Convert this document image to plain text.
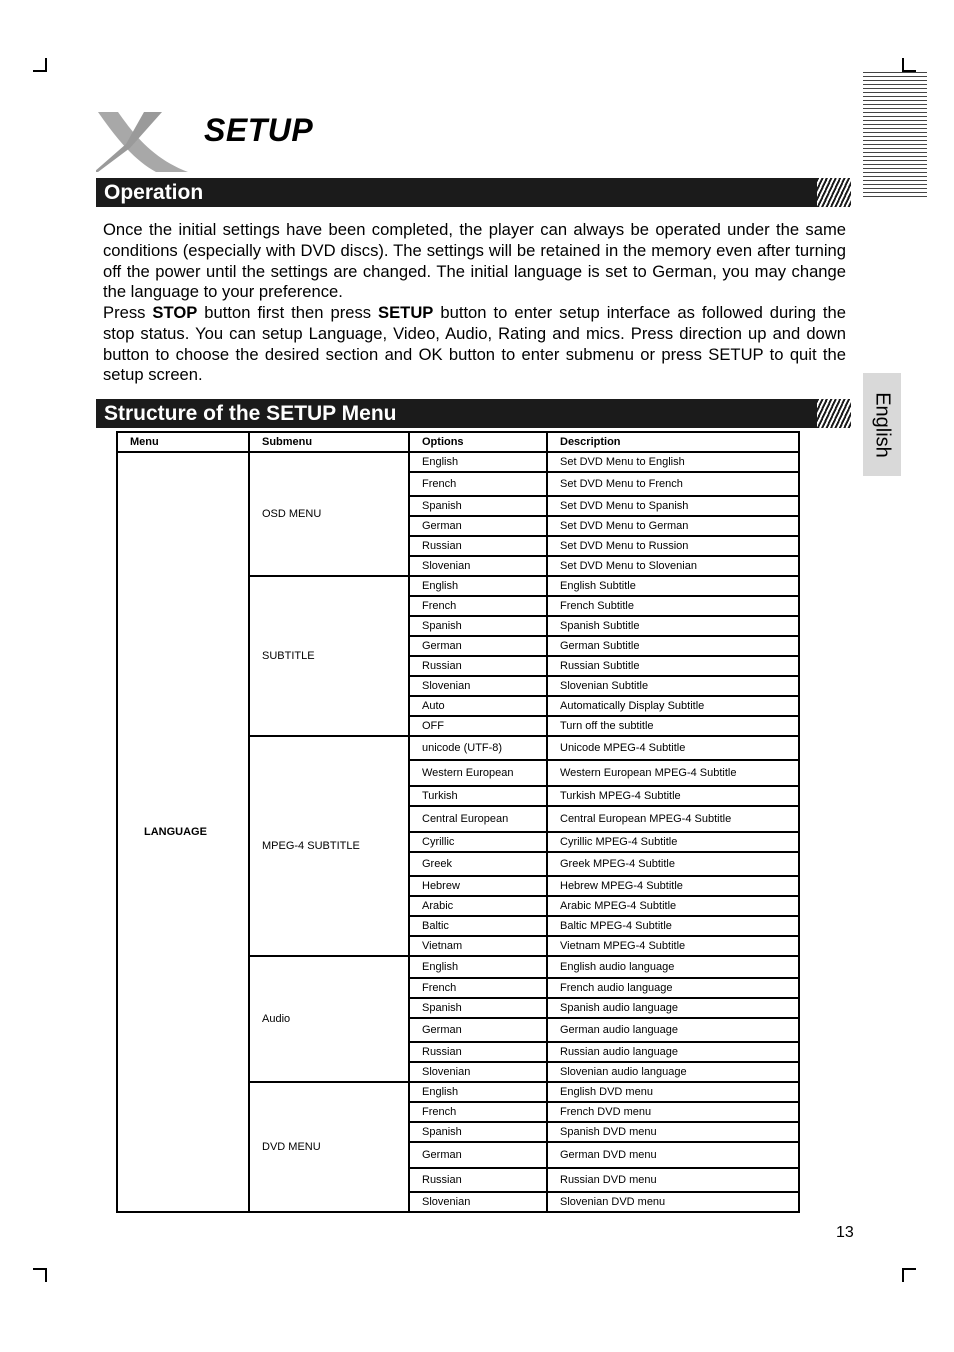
SETUP
Operation
Once the initial settings have been completed, the player can always be operated under the same conditions (especially with DVD discs). The settings will be retained in the memory even after turning off the power until the settings are changed. The initial language is set to German, you may change the language to your preference.
Press STOP button first then press SETUP button to enter setup interface as followed during the stop status. You can setup Language, Video, Audio, Rating and mics. Press direction up and down button to choose the desired section and OK button to enter submenu or press SETUP to quit the setup screen.
Structure of the SETUP Menu	English
Menu	Submenu	Options	Description
LANGUAGE	OSD MENU	English	Set DVD Menu to English
		French	Set DVD Menu to French
		Spanish	Set DVD Menu to Spanish
		German	Set DVD Menu to German
		Russian	Set DVD Menu to Russion
		Slovenian	Set DVD Menu to Slovenian
	SUBTITLE	English	English Subtitle
		French	French Subtitle
		Spanish	Spanish Subtitle
		German	German Subtitle
		Russian	Russian Subtitle
		Slovenian	Slovenian Subtitle
		Auto	Automatically Display Subtitle
		OFF	Turn off the subtitle
	MPEG-4 SUBTITLE	unicode (UTF-8)	Unicode MPEG-4 Subtitle
		Western European	Western European MPEG-4 Subtitle
		Turkish	Turkish MPEG-4 Subtitle
		Central European	Central European MPEG-4 Subtitle
		Cyrillic	Cyrillic MPEG-4 Subtitle
		Greek	Greek MPEG-4 Subtitle
		Hebrew	Hebrew MPEG-4 Subtitle
		Arabic	Arabic MPEG-4 Subtitle
		Baltic	Baltic MPEG-4 Subtitle
		Vietnam	Vietnam MPEG-4 Subtitle
	Audio	English	English audio language
		French	French audio language
		Spanish	Spanish audio language
		German	German audio language
		Russian	Russian audio language
		Slovenian	Slovenian audio language
	DVD MENU	English	English DVD menu
		French	French DVD menu
		Spanish	Spanish DVD menu
		German	German DVD menu
		Russian	Russian DVD menu
		Slovenian	Slovenian DVD menu
13
